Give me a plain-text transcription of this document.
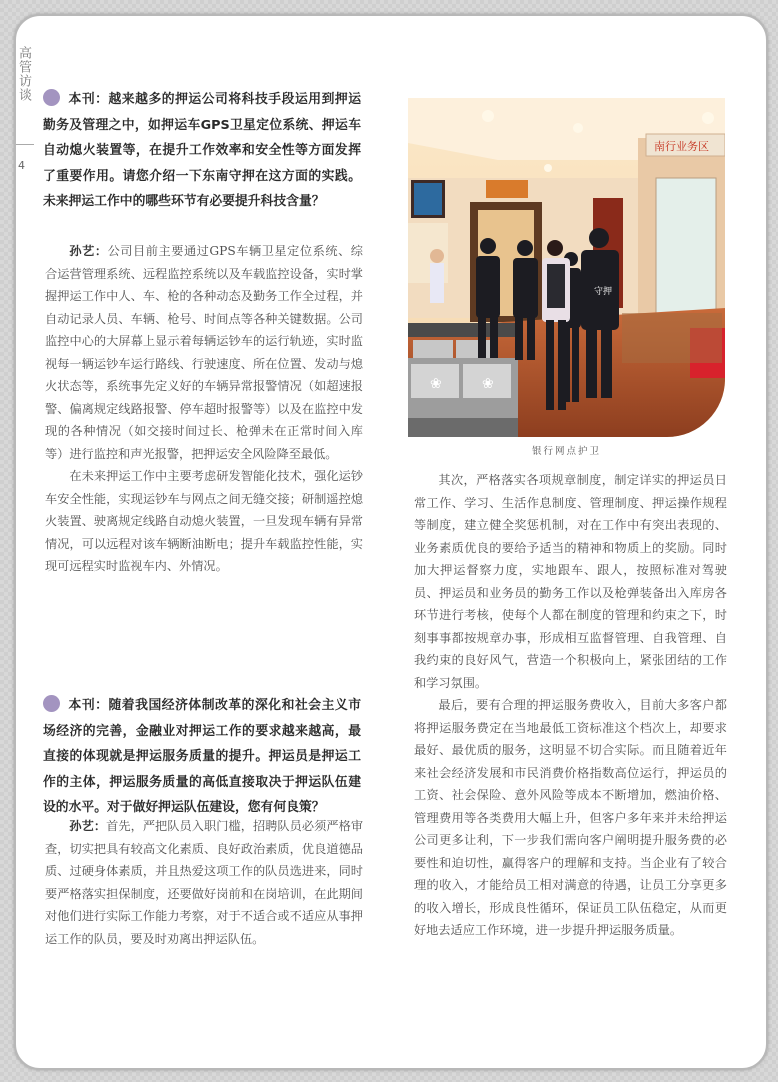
高管访谈
4

本刊：越来越多的押运公司将科技手段运用到押运勤务及管理之中，如押运车GPS卫星定位系统、押运车自动熄火装置等，在提升工作效率和安全性等方面发挥了重要作用。请您介绍一下东南守押在这方面的实践。未来押运工作中的哪些环节有必要提升科技含量？

孙艺：公司目前主要通过GPS车辆卫星定位系统、综合运营管理系统、远程监控系统以及车载监控设备，实时掌握押运工作中人、车、枪的各种动态及勤务工作全过程，并自动记录人员、车辆、枪号、时间点等各种关键数据。公司监控中心的大屏幕上显示着每辆运钞车的运行轨迹，实时监视每一辆运钞车运行路线、行驶速度、所在位置、发动与熄火状态等，系统事先定义好的车辆异常报警情况（如超速报警、偏离规定线路报警、停车超时报警等）以及在监控中发现的各种情况（如交接时间过长、枪弹未在正常时间入库等）进行监控和声光报警，把押运安全风险降至最低。

在未来押运工作中主要考虑研发智能化技术，强化运钞车安全性能，实现运钞车与网点之间无缝交接；研制遥控熄火装置、驶离规定线路自动熄火装置，一旦发现车辆有异常情况，可以远程对该车辆断油断电；提升车载监控性能，实现可远程实时监视车内、外情况。

南行业务区
❀	❀
守押
银行网点护卫

其次，严格落实各项规章制度，制定详实的押运员日常工作、学习、生活作息制度、管理制度、押运操作规程等制度，建立健全奖惩机制，对在工作中有突出表现的、业务素质优良的要给予适当的精神和物质上的奖励。同时加大押运督察力度，实地跟车、跟人，按照标准对驾驶员、押运员和业务员的勤务工作以及枪弹装备出入库房各环节进行考核，使每个人都在制度的管理和约束之下，时刻事事都按规章办事，形成相互监督管理、自我管理、自我约束的良好风气，营造一个积极向上，紧张团结的工作和学习氛围。

最后，要有合理的押运服务费收入，目前大多客户都将押运服务费定在当地最低工资标准这个档次上，却要求最好、最优质的服务，这明显不切合实际。而且随着近年来社会经济发展和市民消费价格指数高位运行，押运员的工资、社会保险、意外风险等成本不断增加，燃油价格、管理费用等各类费用大幅上升，但客户多年来并未给押运公司更多让利，下一步我们需向客户阐明提升服务费的必要性和迫切性，赢得客户的理解和支持。当企业有了较合理的收入，才能给员工相对满意的待遇，让员工分享更多的收入增长，形成良性循环，保证员工队伍稳定，从而更好地去适应工作环境，进一步提升押运服务质量。

本刊：随着我国经济体制改革的深化和社会主义市场经济的完善，金融业对押运工作的要求越来越高，最直接的体现就是押运服务质量的提升。押运员是押运工作的主体，押运服务质量的高低直接取决于押运队伍建设的水平。对于做好押运队伍建设，您有何良策？

孙艺：首先，严把队员入职门槛，招聘队员必须严格审查，切实把具有较高文化素质、良好政治素质，优良道德品质、过硬身体素质，并且热爱这项工作的队员选进来，同时要严格落实担保制度，还要做好岗前和在岗培训，在此期间对他们进行实际工作能力考察，对于不适合或不适应从事押运工作的队员，要及时劝离出押运队伍。
